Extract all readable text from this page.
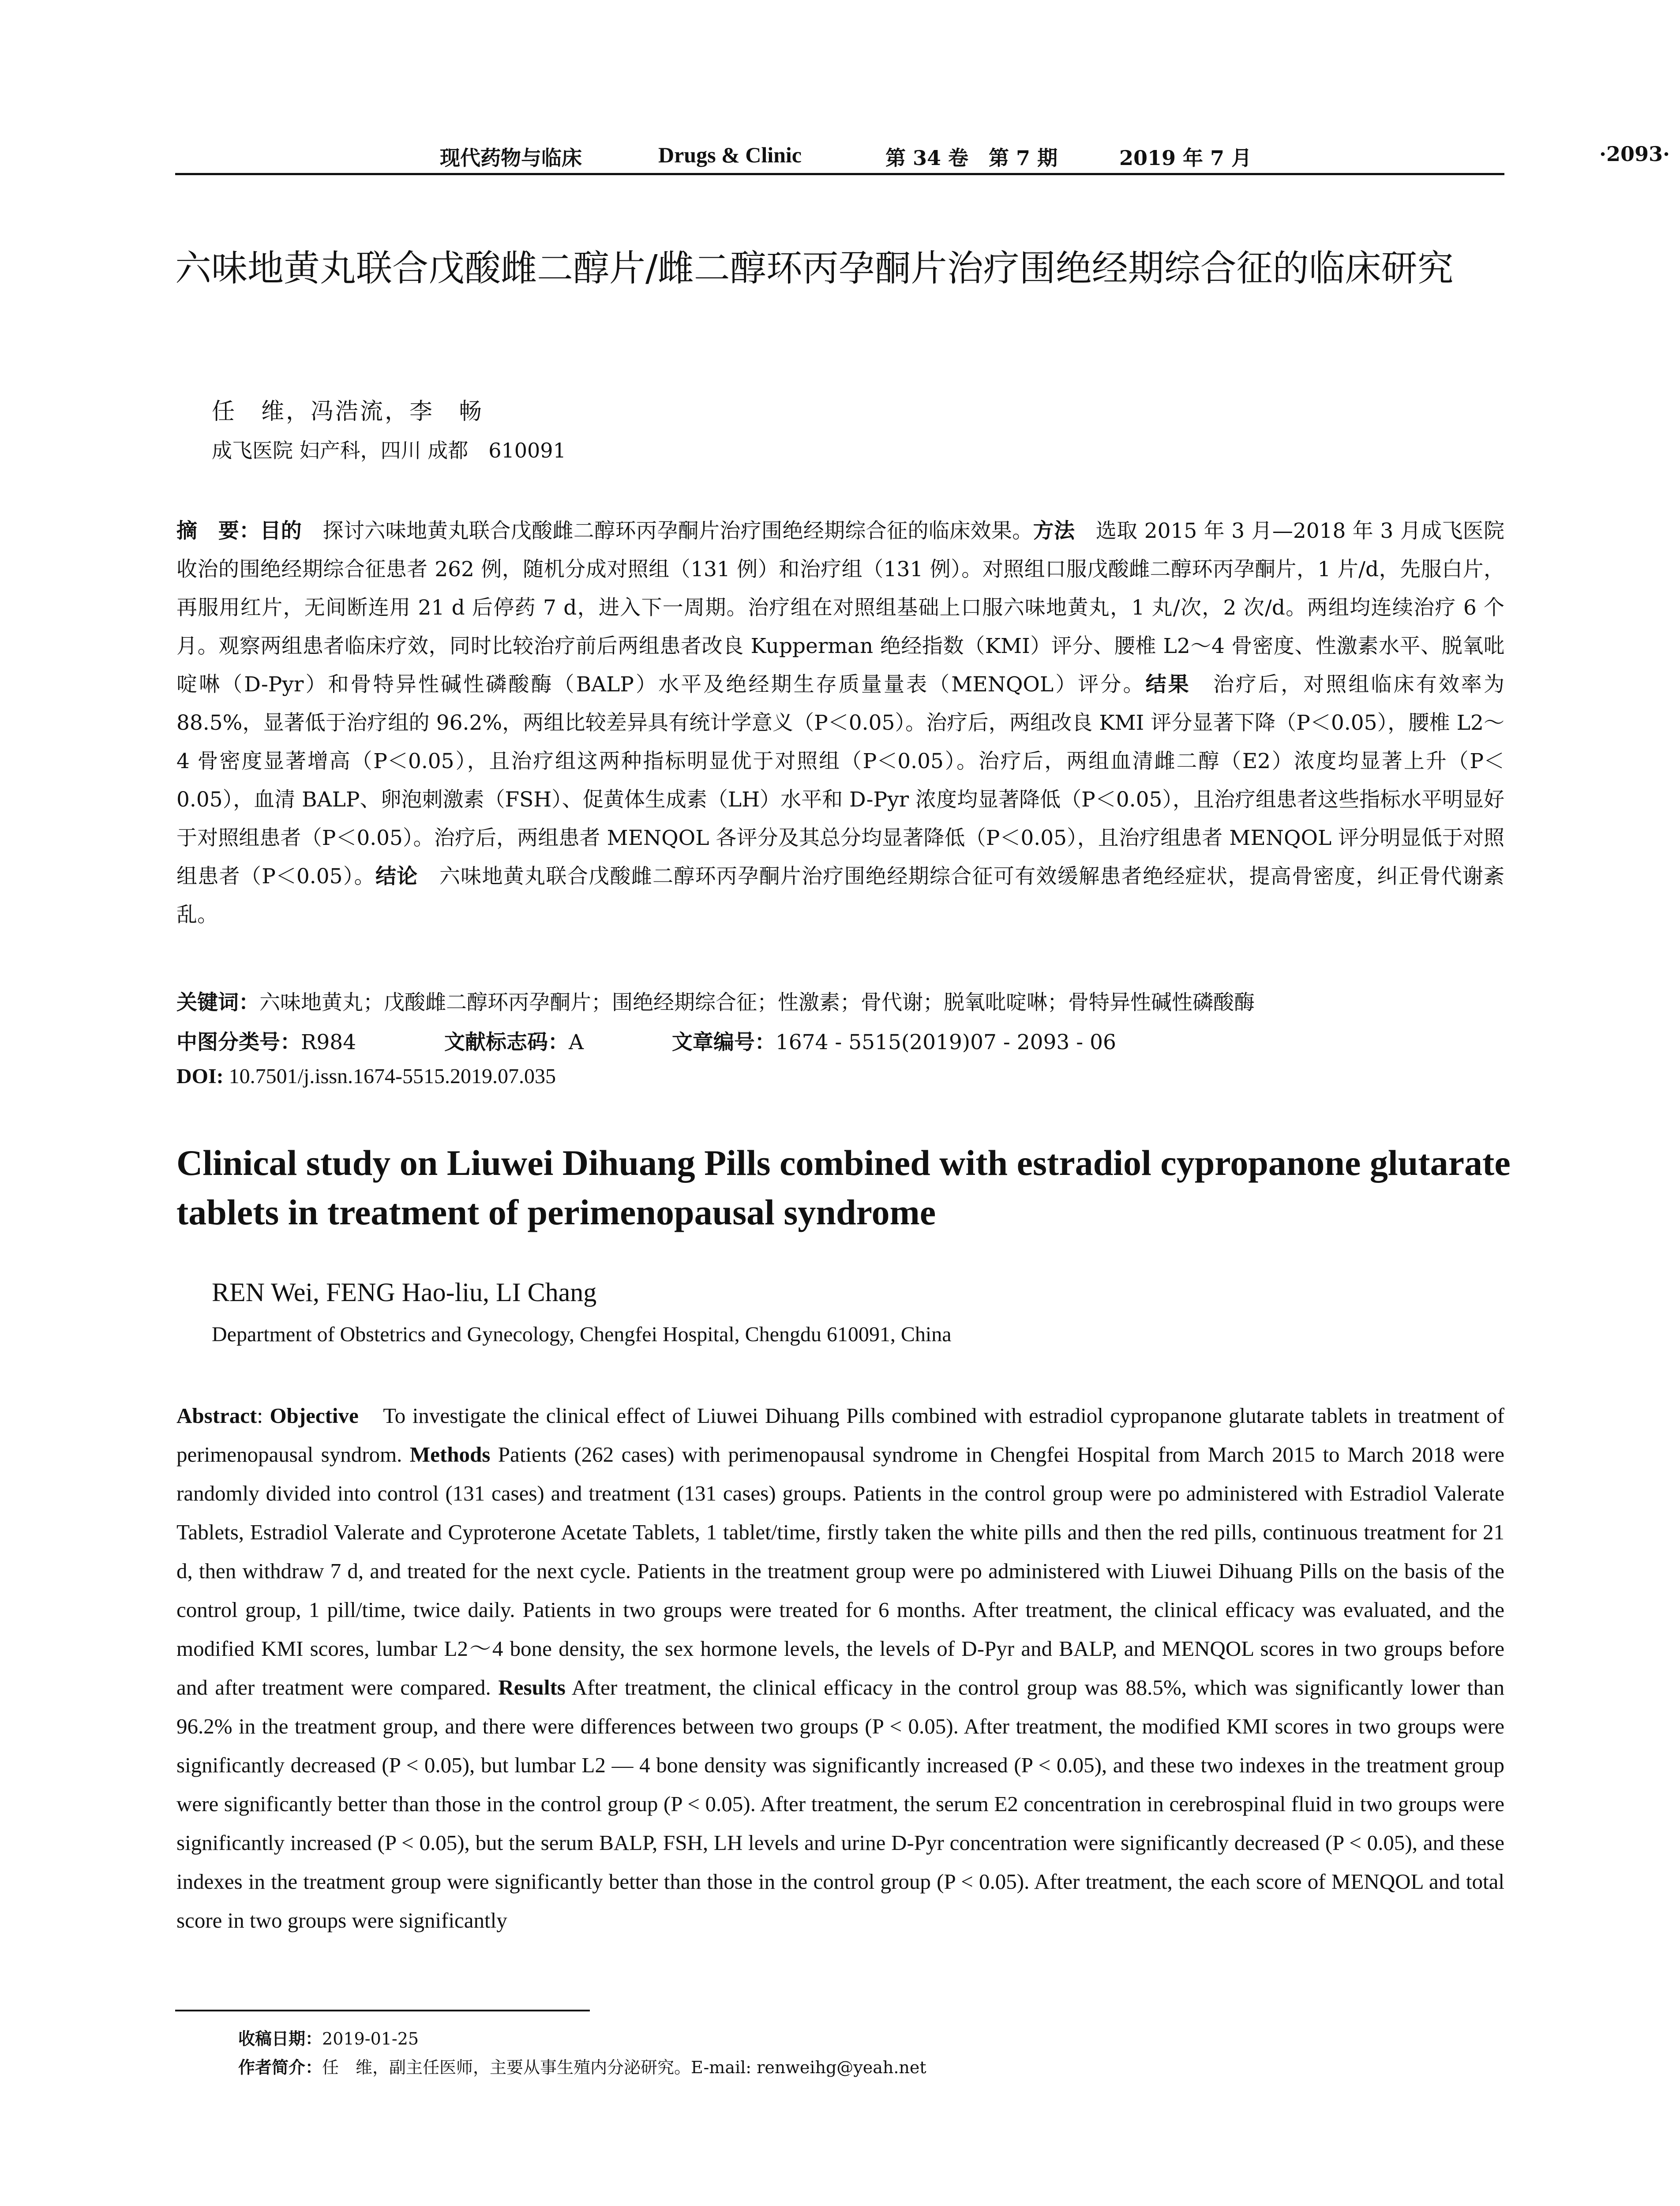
现代药物与临床	Drugs & Clinic	第 34 卷　第 7 期	2019 年 7 月	·2093·
六味地黄丸联合戊酸雌二醇片/雌二醇环丙孕酮片治疗围绝经期综合征的临床研究
任　维，冯浩流，李　畅
成飞医院 妇产科，四川 成都　610091
摘　要：目的　探讨六味地黄丸联合戊酸雌二醇环丙孕酮片治疗围绝经期综合征的临床效果。方法　选取 2015 年 3 月—2018 年 3 月成飞医院收治的围绝经期综合征患者 262 例，随机分成对照组（131 例）和治疗组（131 例）。对照组口服戊酸雌二醇环丙孕酮片，1 片/d，先服白片，再服用红片，无间断连用 21 d 后停药 7 d，进入下一周期。治疗组在对照组基础上口服六味地黄丸，1 丸/次，2 次/d。两组均连续治疗 6 个月。观察两组患者临床疗效，同时比较治疗前后两组患者改良 Kupperman 绝经指数（KMI）评分、腰椎 L2～4 骨密度、性激素水平、脱氧吡啶啉（D-Pyr）和骨特异性碱性磷酸酶（BALP）水平及绝经期生存质量量表（MENQOL）评分。结果　治疗后，对照组临床有效率为 88.5%，显著低于治疗组的 96.2%，两组比较差异具有统计学意义（P＜0.05）。治疗后，两组改良 KMI 评分显著下降（P＜0.05），腰椎 L2～4 骨密度显著增高（P＜0.05），且治疗组这两种指标明显优于对照组（P＜0.05）。治疗后，两组血清雌二醇（E2）浓度均显著上升（P＜0.05），血清 BALP、卵泡刺激素（FSH）、促黄体生成素（LH）水平和 D-Pyr 浓度均显著降低（P＜0.05），且治疗组患者这些指标水平明显好于对照组患者（P＜0.05）。治疗后，两组患者 MENQOL 各评分及其总分均显著降低（P＜0.05），且治疗组患者 MENQOL 评分明显低于对照组患者（P＜0.05）。结论　六味地黄丸联合戊酸雌二醇环丙孕酮片治疗围绝经期综合征可有效缓解患者绝经症状，提高骨密度，纠正骨代谢紊乱。
关键词：六味地黄丸；戊酸雌二醇环丙孕酮片；围绝经期综合征；性激素；骨代谢；脱氧吡啶啉；骨特异性碱性磷酸酶
中图分类号：R984	文献标志码：A	文章编号：1674 - 5515(2019)07 - 2093 - 06
DOI: 10.7501/j.issn.1674-5515.2019.07.035
Clinical study on Liuwei Dihuang Pills combined with estradiol cypropanone glutarate tablets in treatment of perimenopausal syndrome
REN Wei, FENG Hao-liu, LI Chang
Department of Obstetrics and Gynecology, Chengfei Hospital, Chengdu 610091, China
Abstract: Objective　To investigate the clinical effect of Liuwei Dihuang Pills combined with estradiol cypropanone glutarate tablets in treatment of perimenopausal syndrom. Methods Patients (262 cases) with perimenopausal syndrome in Chengfei Hospital from March 2015 to March 2018 were randomly divided into control (131 cases) and treatment (131 cases) groups. Patients in the control group were po administered with Estradiol Valerate Tablets, Estradiol Valerate and Cyproterone Acetate Tablets, 1 tablet/time, firstly taken the white pills and then the red pills, continuous treatment for 21 d, then withdraw 7 d, and treated for the next cycle. Patients in the treatment group were po administered with Liuwei Dihuang Pills on the basis of the control group, 1 pill/time, twice daily. Patients in two groups were treated for 6 months. After treatment, the clinical efficacy was evaluated, and the modified KMI scores, lumbar L2～4 bone density, the sex hormone levels, the levels of D-Pyr and BALP, and MENQOL scores in two groups before and after treatment were compared. Results After treatment, the clinical efficacy in the control group was 88.5%, which was significantly lower than 96.2% in the treatment group, and there were differences between two groups (P < 0.05). After treatment, the modified KMI scores in two groups were significantly decreased (P < 0.05), but lumbar L2 — 4 bone density was significantly increased (P < 0.05), and these two indexes in the treatment group were significantly better than those in the control group (P < 0.05). After treatment, the serum E2 concentration in cerebrospinal fluid in two groups were significantly increased (P < 0.05), but the serum BALP, FSH, LH levels and urine D-Pyr concentration were significantly decreased (P < 0.05), and these indexes in the treatment group were significantly better than those in the control group (P < 0.05). After treatment, the each score of MENQOL and total score in two groups were significantly
收稿日期：2019-01-25
作者简介：任　维，副主任医师，主要从事生殖内分泌研究。E-mail: renweihg@yeah.net
